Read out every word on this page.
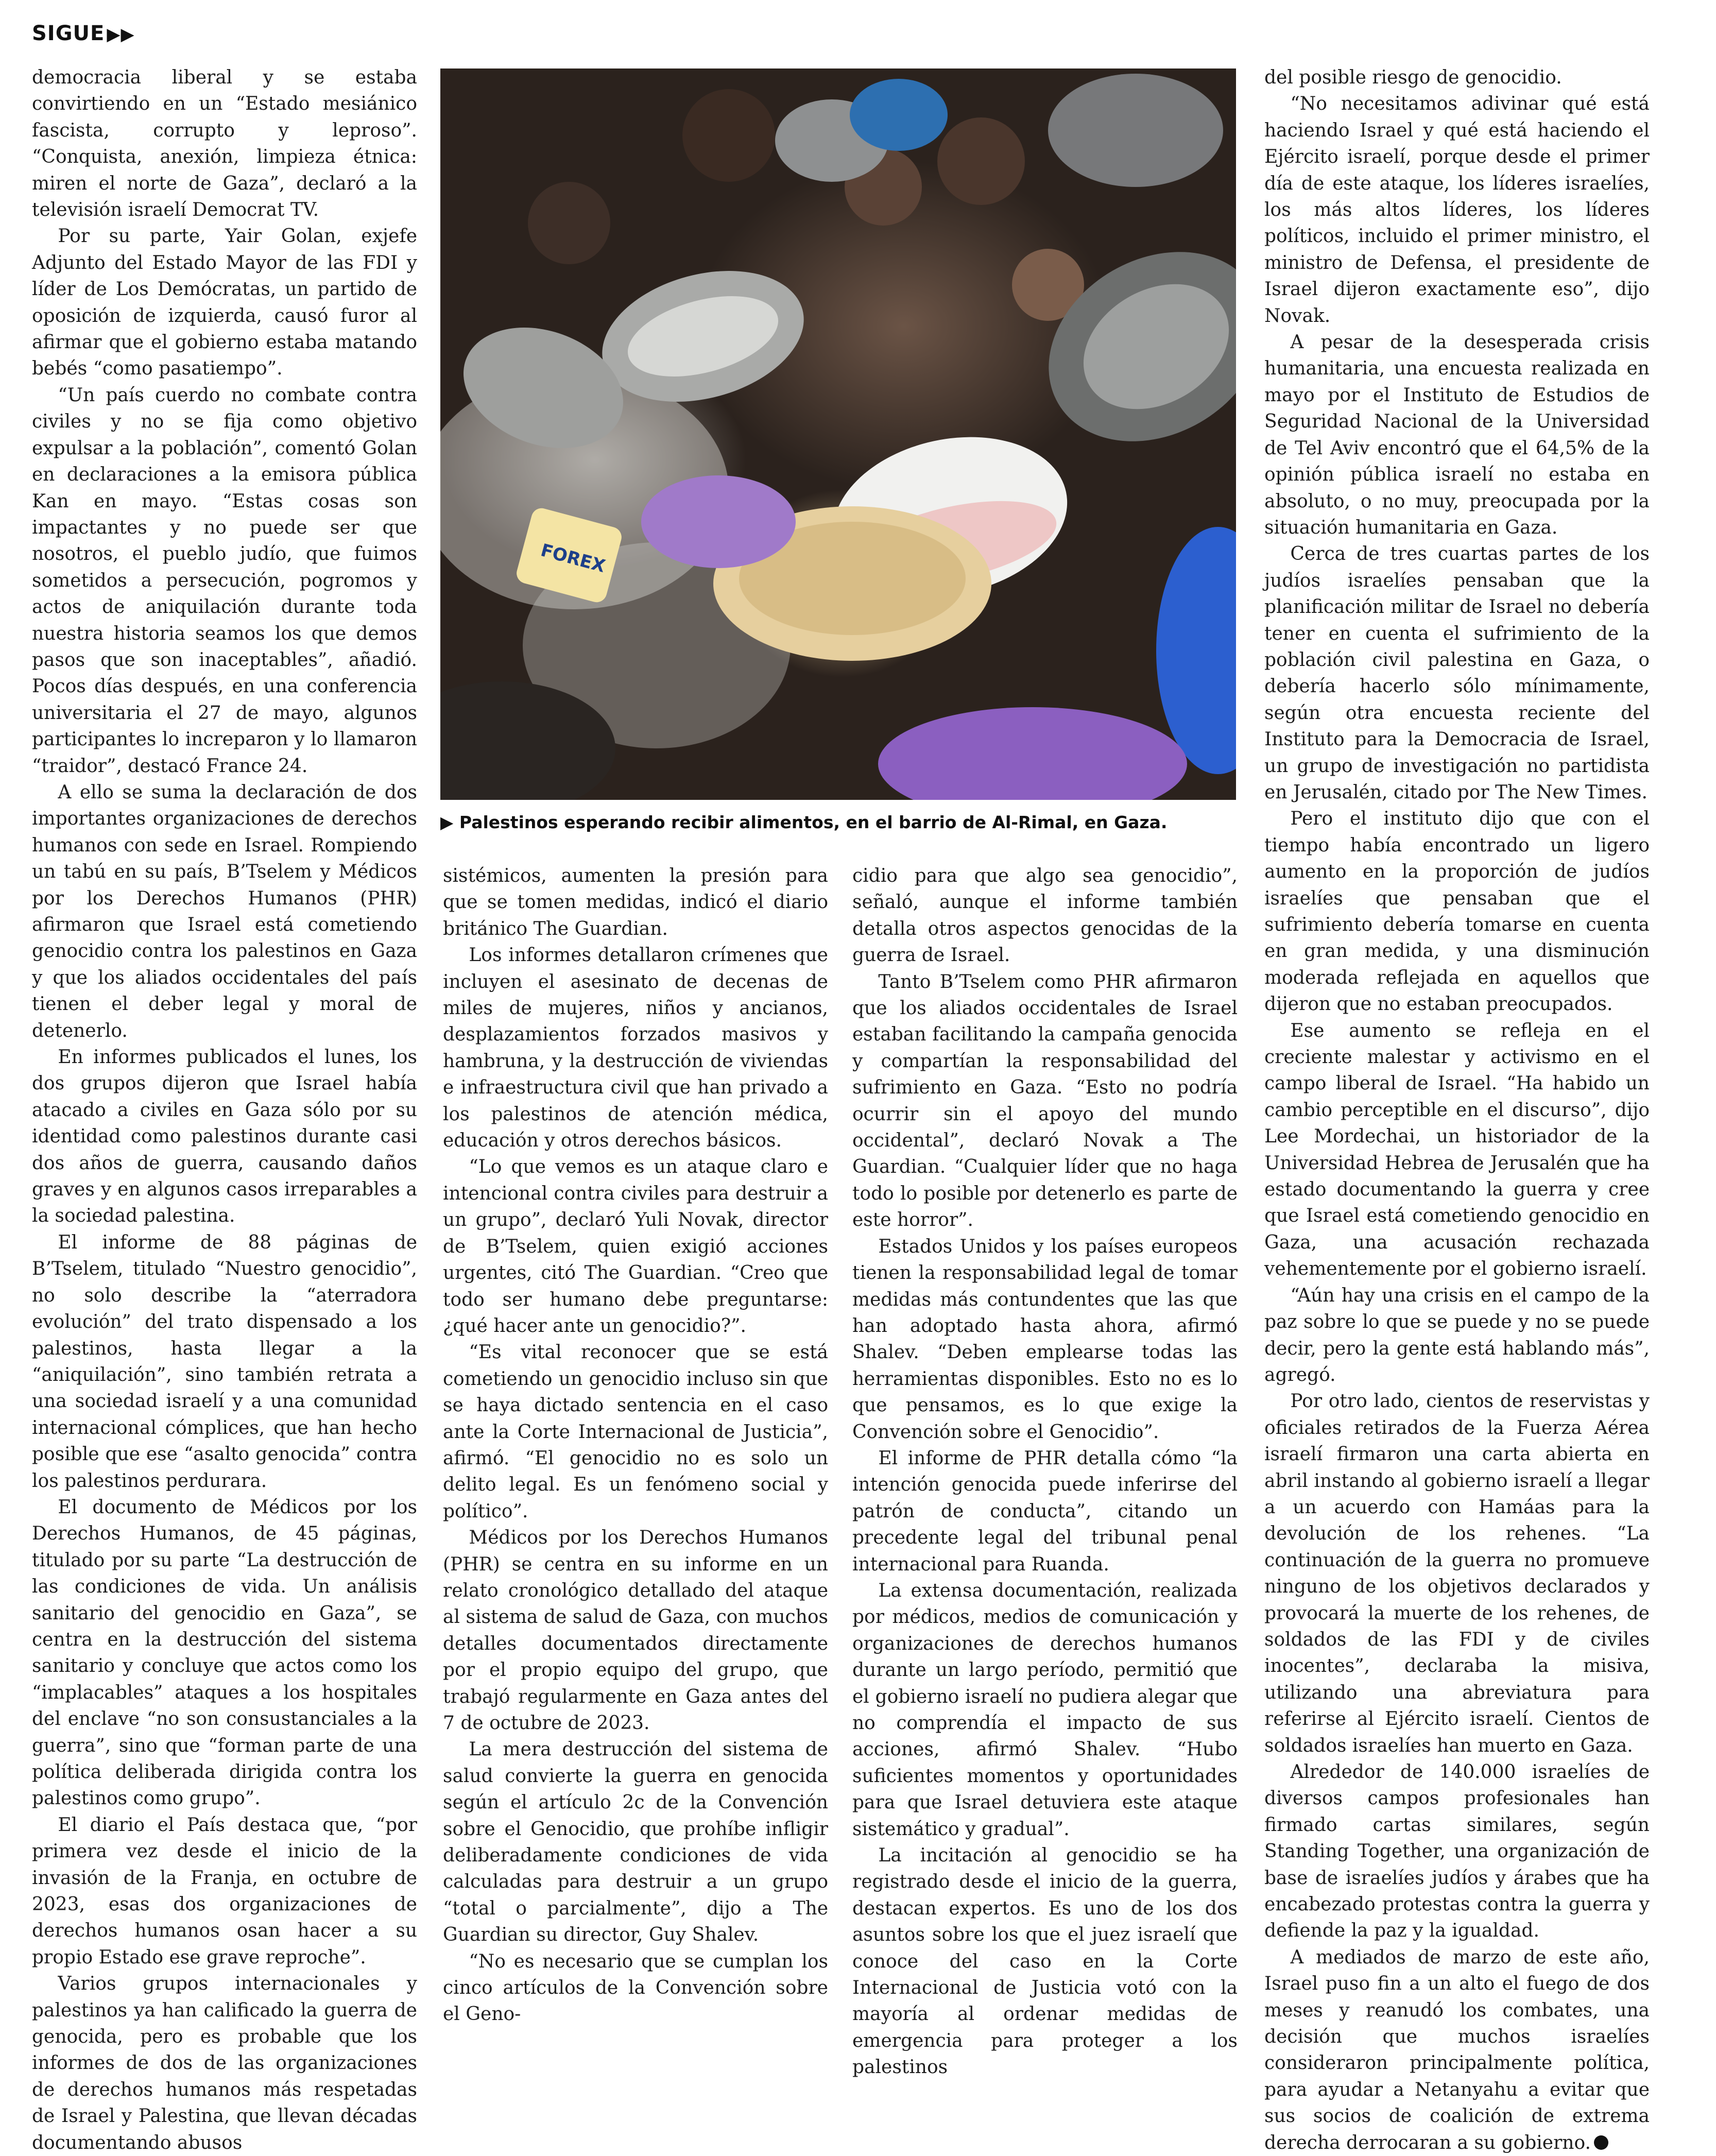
SIGUE ▶▶

democracia liberal y se estaba convirtiendo en un “Estado mesiánico fascista, corrupto y leproso”. “Conquista, anexión, limpieza étnica: miren el norte de Gaza”, declaró a la televisión israelí Democrat TV.

Por su parte, Yair Golan, exjefe Adjunto del Estado Mayor de las FDI y líder de Los Demócratas, un partido de oposición de izquierda, causó furor al afirmar que el gobierno estaba matando bebés “como pasatiempo”.

“Un país cuerdo no combate contra civiles y no se fija como objetivo expulsar a la población”, comentó Golan en declaraciones a la emisora pública Kan en mayo. “Estas cosas son impactantes y no puede ser que nosotros, el pueblo judío, que fuimos sometidos a persecución, pogromos y actos de aniquilación durante toda nuestra historia seamos los que demos pasos que son inaceptables”, añadió. Pocos días después, en una conferencia universitaria el 27 de mayo, algunos participantes lo increparon y lo llamaron “traidor”, destacó France 24.

A ello se suma la declaración de dos importantes organizaciones de derechos humanos con sede en Israel. Rompiendo un tabú en su país, B’Tselem y Médicos por los Derechos Humanos (PHR) afirmaron que Israel está cometiendo genocidio contra los palestinos en Gaza y que los aliados occidentales del país tienen el deber legal y moral de detenerlo.

En informes publicados el lunes, los dos grupos dijeron que Israel había atacado a civiles en Gaza sólo por su identidad como palestinos durante casi dos años de guerra, causando daños graves y en algunos casos irreparables a la sociedad palestina.

El informe de 88 páginas de B’Tselem, titulado “Nuestro genocidio”, no solo describe la “aterradora evolución” del trato dispensado a los palestinos, hasta llegar a la “aniquilación”, sino también retrata a una sociedad israelí y a una comunidad internacional cómplices, que han hecho posible que ese “asalto genocida” contra los palestinos perdurara.

El documento de Médicos por los Derechos Humanos, de 45 páginas, titulado por su parte “La destrucción de las condiciones de vida. Un análisis sanitario del genocidio en Gaza”, se centra en la destrucción del sistema sanitario y concluye que actos como los “implacables” ataques a los hospitales del enclave “no son consustanciales a la guerra”, sino que “forman parte de una política deliberada dirigida contra los palestinos como grupo”.

El diario el País destaca que, “por primera vez desde el inicio de la invasión de la Franja, en octubre de 2023, esas dos organizaciones de derechos humanos osan hacer a su propio Estado ese grave reproche”.

Varios grupos internacionales y palestinos ya han calificado la guerra de genocida, pero es probable que los informes de dos de las organizaciones de derechos humanos más respetadas de Israel y Palestina, que llevan décadas documentando abusos

FOREX
▶ Palestinos esperando recibir alimentos, en el barrio de Al-Rimal, en Gaza.

sistémicos, aumenten la presión para que se tomen medidas, indicó el diario británico The Guardian.

Los informes detallaron crímenes que incluyen el asesinato de decenas de miles de mujeres, niños y ancianos, desplazamientos forzados masivos y hambruna, y la destrucción de viviendas e infraestructura civil que han privado a los palestinos de atención médica, educación y otros derechos básicos.

“Lo que vemos es un ataque claro e intencional contra civiles para destruir a un grupo”, declaró Yuli Novak, director de B’Tselem, quien exigió acciones urgentes, citó The Guardian. “Creo que todo ser humano debe preguntarse: ¿qué hacer ante un genocidio?”.

“Es vital reconocer que se está cometiendo un genocidio incluso sin que se haya dictado sentencia en el caso ante la Corte Internacional de Justicia”, afirmó. “El genocidio no es solo un delito legal. Es un fenómeno social y político”.

Médicos por los Derechos Humanos (PHR) se centra en su informe en un relato cronológico detallado del ataque al sistema de salud de Gaza, con muchos detalles documentados directamente por el propio equipo del grupo, que trabajó regularmente en Gaza antes del 7 de octubre de 2023.

La mera destrucción del sistema de salud convierte la guerra en genocida según el artículo 2c de la Convención sobre el Genocidio, que prohíbe infligir deliberadamente condiciones de vida calculadas para destruir a un grupo “total o parcialmente”, dijo a The Guardian su director, Guy Shalev.

“No es necesario que se cumplan los cinco artículos de la Convención sobre el Geno-

cidio para que algo sea genocidio”, señaló, aunque el informe también detalla otros aspectos genocidas de la guerra de Israel.

Tanto B’Tselem como PHR afirmaron que los aliados occidentales de Israel estaban facilitando la campaña genocida y compartían la responsabilidad del sufrimiento en Gaza. “Esto no podría ocurrir sin el apoyo del mundo occidental”, declaró Novak a The Guardian. “Cualquier líder que no haga todo lo posible por detenerlo es parte de este horror”.

Estados Unidos y los países europeos tienen la responsabilidad legal de tomar medidas más contundentes que las que han adoptado hasta ahora, afirmó Shalev. “Deben emplearse todas las herramientas disponibles. Esto no es lo que pensamos, es lo que exige la Convención sobre el Genocidio”.

El informe de PHR detalla cómo “la intención genocida puede inferirse del patrón de conducta”, citando un precedente legal del tribunal penal internacional para Ruanda.

La extensa documentación, realizada por médicos, medios de comunicación y organizaciones de derechos humanos durante un largo período, permitió que el gobierno israelí no pudiera alegar que no comprendía el impacto de sus acciones, afirmó Shalev. “Hubo suficientes momentos y oportunidades para que Israel detuviera este ataque sistemático y gradual”.

La incitación al genocidio se ha registrado desde el inicio de la guerra, destacan expertos. Es uno de los dos asuntos sobre los que el juez israelí que conoce del caso en la Corte Internacional de Justicia votó con la mayoría al ordenar medidas de emergencia para proteger a los palestinos

del posible riesgo de genocidio.

“No necesitamos adivinar qué está haciendo Israel y qué está haciendo el Ejército israelí, porque desde el primer día de este ataque, los líderes israelíes, los más altos líderes, los líderes políticos, incluido el primer ministro, el ministro de Defensa, el presidente de Israel dijeron exactamente eso”, dijo Novak.

A pesar de la desesperada crisis humanitaria, una encuesta realizada en mayo por el Instituto de Estudios de Seguridad Nacional de la Universidad de Tel Aviv encontró que el 64,5% de la opinión pública israelí no estaba en absoluto, o no muy, preocupada por la situación humanitaria en Gaza.

Cerca de tres cuartas partes de los judíos israelíes pensaban que la planificación militar de Israel no debería tener en cuenta el sufrimiento de la población civil palestina en Gaza, o debería hacerlo sólo mínimamente, según otra encuesta reciente del Instituto para la Democracia de Israel, un grupo de investigación no partidista en Jerusalén, citado por The New Times.

Pero el instituto dijo que con el tiempo había encontrado un ligero aumento en la proporción de judíos israelíes que pensaban que el sufrimiento debería tomarse en cuenta en gran medida, y una disminución moderada reflejada en aquellos que dijeron que no estaban preocupados.

Ese aumento se refleja en el creciente malestar y activismo en el campo liberal de Israel. “Ha habido un cambio perceptible en el discurso”, dijo Lee Mordechai, un historiador de la Universidad Hebrea de Jerusalén que ha estado documentando la guerra y cree que Israel está cometiendo genocidio en Gaza, una acusación rechazada vehementemente por el gobierno israelí.

“Aún hay una crisis en el campo de la paz sobre lo que se puede y no se puede decir, pero la gente está hablando más”, agregó.

Por otro lado, cientos de reservistas y oficiales retirados de la Fuerza Aérea israelí firmaron una carta abierta en abril instando al gobierno israelí a llegar a un acuerdo con Hamáas para la devolución de los rehenes. “La continuación de la guerra no promueve ninguno de los objetivos declarados y provocará la muerte de los rehenes, de soldados de las FDI y de civiles inocentes”, declaraba la misiva, utilizando una abreviatura para referirse al Ejército israelí. Cientos de soldados israelíes han muerto en Gaza.

Alrededor de 140.000 israelíes de diversos campos profesionales han firmado cartas similares, según Standing Together, una organización de base de israelíes judíos y árabes que ha encabezado protestas contra la guerra y defiende la paz y la igualdad.

A mediados de marzo de este año, Israel puso fin a un alto el fuego de dos meses y reanudó los combates, una decisión que muchos israelíes consideraron principalmente política, para ayudar a Netanyahu a evitar que sus socios de coalición de extrema derecha derrocaran a su gobierno.
